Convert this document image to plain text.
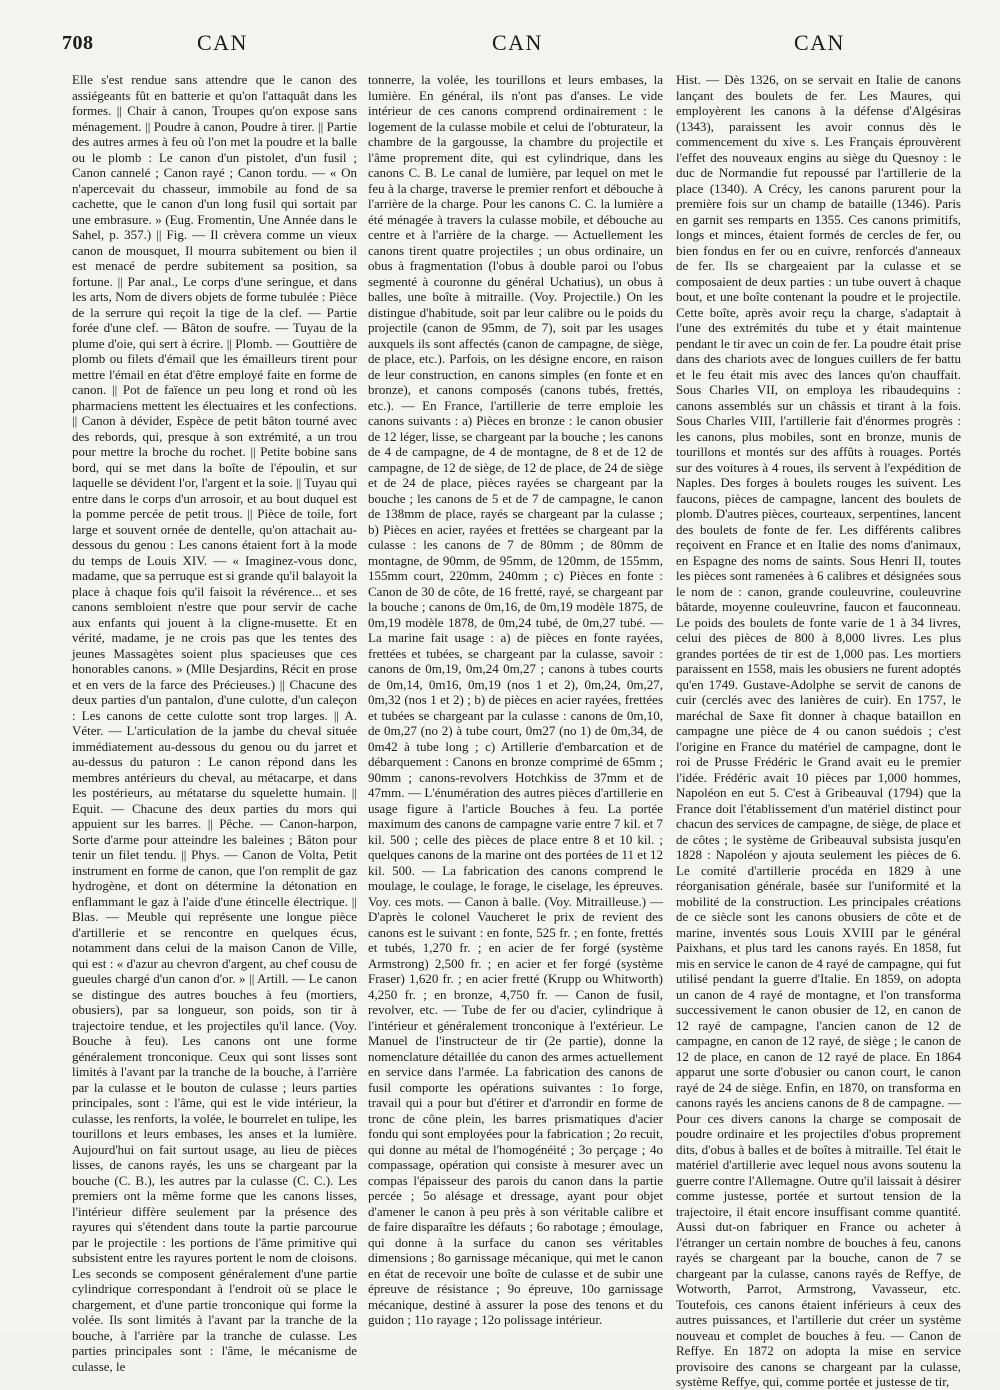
708	CAN	CAN	CAN

Elle s'est rendue sans attendre que le canon des assiégeants fût en batterie et qu'on l'attaquât dans les formes. || Chair à canon, Troupes qu'on expose sans ménagement. || Poudre à canon, Poudre à tirer. || Partie des autres armes à feu où l'on met la poudre et la balle ou le plomb : Le canon d'un pistolet, d'un fusil ; Canon cannelé ; Canon rayé ; Canon tordu. — « On n'apercevait du chasseur, immobile au fond de sa cachette, que le canon d'un long fusil qui sortait par une embrasure. » (Eug. Fromentin, Une Année dans le Sahel, p. 357.) || Fig. — Il crèvera comme un vieux canon de mousquet, Il mourra subitement ou bien il est menacé de perdre subitement sa position, sa fortune. || Par anal., Le corps d'une seringue, et dans les arts, Nom de divers objets de forme tubulée : Pièce de la serrure qui reçoit la tige de la clef. — Partie forée d'une clef. — Bâton de soufre. — Tuyau de la plume d'oie, qui sert à écrire. || Plomb. — Gouttière de plomb ou filets d'émail que les émailleurs tirent pour mettre l'émail en état d'être employé faite en forme de canon. || Pot de faïence un peu long et rond où les pharmaciens mettent les électuaires et les confections. || Canon à dévider, Espèce de petit bâton tourné avec des rebords, qui, presque à son extrémité, a un trou pour mettre la broche du rochet. || Petite bobine sans bord, qui se met dans la boîte de l'époulin, et sur laquelle se dévident l'or, l'argent et la soie. || Tuyau qui entre dans le corps d'un arrosoir, et au bout duquel est la pomme percée de petit trous. || Pièce de toile, fort large et souvent ornée de dentelle, qu'on attachait au-dessous du genou : Les canons étaient fort à la mode du temps de Louis XIV. — « Imaginez-vous donc, madame, que sa perruque est si grande qu'il balayoit la place à chaque fois qu'il faisoit la révérence... et ses canons sembloient n'estre que pour servir de cache aux enfants qui jouent à la cligne-musette. Et en vérité, madame, je ne crois pas que les tentes des jeunes Massagètes soient plus spacieuses que ces honorables canons. » (Mlle Desjardins, Récit en prose et en vers de la farce des Précieuses.) || Chacune des deux parties d'un pantalon, d'une culotte, d'un caleçon : Les canons de cette culotte sont trop larges. || A. Véter. — L'articulation de la jambe du cheval située immédiatement au-dessous du genou ou du jarret et au-dessus du paturon : Le canon répond dans les membres antérieurs du cheval, au métacarpe, et dans les postérieurs, au métatarse du squelette humain. || Equit. — Chacune des deux parties du mors qui appuient sur les barres. || Pêche. — Canon-harpon, Sorte d'arme pour atteindre les baleines ; Bâton pour tenir un filet tendu. || Phys. — Canon de Volta, Petit instrument en forme de canon, que l'on remplit de gaz hydrogène, et dont on détermine la détonation en enflammant le gaz à l'aide d'une étincelle électrique. || Blas. — Meuble qui représente une longue pièce d'artillerie et se rencontre en quelques écus, notamment dans celui de la maison Canon de Ville, qui est : « d'azur au chevron d'argent, au chef cousu de gueules chargé d'un canon d'or. » || Artill. — Le canon se distingue des autres bouches à feu (mortiers, obusiers), par sa longueur, son poids, son tir à trajectoire tendue, et les projectiles qu'il lance. (Voy. Bouche à feu). Les canons ont une forme généralement tronconique. Ceux qui sont lisses sont limités à l'avant par la tranche de la bouche, à l'arrière par la culasse et le bouton de culasse ; leurs parties principales, sont : l'âme, qui est le vide intérieur, la culasse, les renforts, la volée, le bourrelet en tulipe, les tourillons et leurs embases, les anses et la lumière. Aujourd'hui on fait surtout usage, au lieu de pièces lisses, de canons rayés, les uns se chargeant par la bouche (C. B.), les autres par la culasse (C. C.). Les premiers ont la même forme que les canons lisses, l'intérieur diffère seulement par la présence des rayures qui s'étendent dans toute la partie parcourue par le projectile : les portions de l'âme primitive qui subsistent entre les rayures portent le nom de cloisons. Les seconds se composent généralement d'une partie cylindrique correspondant à l'endroit où se place le chargement, et d'une partie tronconique qui forme la volée. Ils sont limités à l'avant par la tranche de la bouche, à l'arrière par la tranche de culasse. Les parties principales sont : l'âme, le mécanisme de culasse, le

tonnerre, la volée, les tourillons et leurs embases, la lumière. En général, ils n'ont pas d'anses. Le vide intérieur de ces canons comprend ordinairement : le logement de la culasse mobile et celui de l'obturateur, la chambre de la gargousse, la chambre du projectile et l'âme proprement dite, qui est cylindrique, dans les canons C. B. Le canal de lumière, par lequel on met le feu à la charge, traverse le premier renfort et débouche à l'arrière de la charge. Pour les canons C. C. la lumière a été ménagée à travers la culasse mobile, et débouche au centre et à l'arrière de la charge. — Actuellement les canons tirent quatre projectiles ; un obus ordinaire, un obus à fragmentation (l'obus à double paroi ou l'obus segmenté à couronne du général Uchatius), un obus à balles, une boîte à mitraille. (Voy. Projectile.) On les distingue d'habitude, soit par leur calibre ou le poids du projectile (canon de 95mm, de 7), soit par les usages auxquels ils sont affectés (canon de campagne, de siège, de place, etc.). Parfois, on les désigne encore, en raison de leur construction, en canons simples (en fonte et en bronze), et canons composés (canons tubés, frettés, etc.). — En France, l'artillerie de terre emploie les canons suivants : a) Pièces en bronze : le canon obusier de 12 léger, lisse, se chargeant par la bouche ; les canons de 4 de campagne, de 4 de montagne, de 8 et de 12 de campagne, de 12 de siège, de 12 de place, de 24 de siège et de 24 de place, pièces rayées se chargeant par la bouche ; les canons de 5 et de 7 de campagne, le canon de 138mm de place, rayés se chargeant par la culasse ; b) Pièces en acier, rayées et frettées se chargeant par la culasse : les canons de 7 de 80mm ; de 80mm de montagne, de 90mm, de 95mm, de 120mm, de 155mm, 155mm court, 220mm, 240mm ; c) Pièces en fonte : Canon de 30 de côte, de 16 fretté, rayé, se chargeant par la bouche ; canons de 0m,16, de 0m,19 modèle 1875, de 0m,19 modèle 1878, de 0m,24 tubé, de 0m,27 tubé. — La marine fait usage : a) de pièces en fonte rayées, frettées et tubées, se chargeant par la culasse, savoir : canons de 0m,19, 0m,24 0m,27 ; canons à tubes courts de 0m,14, 0m16, 0m,19 (nos 1 et 2), 0m,24, 0m,27, 0m,32 (nos 1 et 2) ; b) de pièces en acier rayées, frettées et tubées se chargeant par la culasse : canons de 0m,10, de 0m,27 (no 2) à tube court, 0m27 (no 1) de 0m,34, de 0m42 à tube long ; c) Artillerie d'embarcation et de débarquement : Canons en bronze comprimé de 65mm ; 90mm ; canons-revolvers Hotchkiss de 37mm et de 47mm. — L'énumération des autres pièces d'artillerie en usage figure à l'article Bouches à feu. La portée maximum des canons de campagne varie entre 7 kil. et 7 kil. 500 ; celle des pièces de place entre 8 et 10 kil. ; quelques canons de la marine ont des portées de 11 et 12 kil. 500. — La fabrication des canons comprend le moulage, le coulage, le forage, le ciselage, les épreuves. Voy. ces mots. — Canon à balle. (Voy. Mitrailleuse.) — D'après le colonel Vaucheret le prix de revient des canons est le suivant : en fonte, 525 fr. ; en fonte, frettés et tubés, 1,270 fr. ; en acier de fer forgé (système Armstrong) 2,500 fr. ; en acier et fer forgé (système Fraser) 1,620 fr. ; en acier fretté (Krupp ou Whitworth) 4,250 fr. ; en bronze, 4,750 fr. — Canon de fusil, revolver, etc. — Tube de fer ou d'acier, cylindrique à l'intérieur et généralement tronconique à l'extérieur. Le Manuel de l'instructeur de tir (2e partie), donne la nomenclature détaillée du canon des armes actuellement en service dans l'armée. La fabrication des canons de fusil comporte les opérations suivantes : 1o forge, travail qui a pour but d'étirer et d'arrondir en forme de tronc de cône plein, les barres prismatiques d'acier fondu qui sont employées pour la fabrication ; 2o recuit, qui donne au métal de l'homogénéité ; 3o perçage ; 4o compassage, opération qui consiste à mesurer avec un compas l'épaisseur des parois du canon dans la partie percée ; 5o alésage et dressage, ayant pour objet d'amener le canon à peu près à son véritable calibre et de faire disparaître les défauts ; 6o rabotage ; émoulage, qui donne à la surface du canon ses véritables dimensions ; 8o garnissage mécanique, qui met le canon en état de recevoir une boîte de culasse et de subir une épreuve de résistance ; 9o épreuve, 10o garnissage mécanique, destiné à assurer la pose des tenons et du guidon ; 11o rayage ; 12o polissage intérieur.

Hist. — Dès 1326, on se servait en Italie de canons lançant des boulets de fer. Les Maures, qui employèrent les canons à la défense d'Algésiras (1343), paraissent les avoir connus dès le commencement du xive s. Les Français éprouvèrent l'effet des nouveaux engins au siège du Quesnoy : le duc de Normandie fut repoussé par l'artillerie de la place (1340). A Crécy, les canons parurent pour la première fois sur un champ de bataille (1346). Paris en garnit ses remparts en 1355. Ces canons primitifs, longs et minces, étaient formés de cercles de fer, ou bien fondus en fer ou en cuivre, renforcés d'anneaux de fer. Ils se chargeaient par la culasse et se composaient de deux parties : un tube ouvert à chaque bout, et une boîte contenant la poudre et le projectile. Cette boîte, après avoir reçu la charge, s'adaptait à l'une des extrémités du tube et y était maintenue pendant le tir avec un coin de fer. La poudre était prise dans des chariots avec de longues cuillers de fer battu et le feu était mis avec des lances qu'on chauffait. Sous Charles VII, on employa les ribaudequins : canons assemblés sur un châssis et tirant à la fois. Sous Charles VIII, l'artillerie fait d'énormes progrès : les canons, plus mobiles, sont en bronze, munis de tourillons et montés sur des affûts à rouages. Portés sur des voitures à 4 roues, ils servent à l'expédition de Naples. Des forges à boulets rouges les suivent. Les faucons, pièces de campagne, lancent des boulets de plomb. D'autres pièces, courteaux, serpentines, lancent des boulets de fonte de fer. Les différents calibres reçoivent en France et en Italie des noms d'animaux, en Espagne des noms de saints. Sous Henri II, toutes les pièces sont ramenées à 6 calibres et désignées sous le nom de : canon, grande couleuvrine, couleuvrine bâtarde, moyenne couleuvrine, faucon et fauconneau. Le poids des boulets de fonte varie de 1 à 34 livres, celui des pièces de 800 à 8,000 livres. Les plus grandes portées de tir est de 1,000 pas. Les mortiers paraissent en 1558, mais les obusiers ne furent adoptés qu'en 1749. Gustave-Adolphe se servit de canons de cuir (cerclés avec des lanières de cuir). En 1757, le maréchal de Saxe fit donner à chaque bataillon en campagne une pièce de 4 ou canon suédois ; c'est l'origine en France du matériel de campagne, dont le roi de Prusse Frédéric le Grand avait eu le premier l'idée. Frédéric avait 10 pièces par 1,000 hommes, Napoléon en eut 5. C'est à Gribeauval (1794) que la France doit l'établissement d'un matériel distinct pour chacun des services de campagne, de siège, de place et de côtes ; le système de Gribeauval subsista jusqu'en 1828 : Napoléon y ajouta seulement les pièces de 6. Le comité d'artillerie procéda en 1829 à une réorganisation générale, basée sur l'uniformité et la mobilité de la construction. Les principales créations de ce siècle sont les canons obusiers de côte et de marine, inventés sous Louis XVIII par le général Paixhans, et plus tard les canons rayés. En 1858, fut mis en service le canon de 4 rayé de campagne, qui fut utilisé pendant la guerre d'Italie. En 1859, on adopta un canon de 4 rayé de montagne, et l'on transforma successivement le canon obusier de 12, en canon de 12 rayé de campagne, l'ancien canon de 12 de campagne, en canon de 12 rayé, de siège ; le canon de 12 de place, en canon de 12 rayé de place. En 1864 apparut une sorte d'obusier ou canon court, le canon rayé de 24 de siège. Enfin, en 1870, on transforma en canons rayés les anciens canons de 8 de campagne. — Pour ces divers canons la charge se composait de poudre ordinaire et les projectiles d'obus proprement dits, d'obus à balles et de boîtes à mitraille. Tel était le matériel d'artillerie avec lequel nous avons soutenu la guerre contre l'Allemagne. Outre qu'il laissait à désirer comme justesse, portée et surtout tension de la trajectoire, il était encore insuffisant comme quantité. Aussi dut-on fabriquer en France ou acheter à l'étranger un certain nombre de bouches à feu, canons rayés se chargeant par la bouche, canon de 7 se chargeant par la culasse, canons rayés de Reffye, de Wotworth, Parrot, Armstrong, Vavasseur, etc. Toutefois, ces canons étaient inférieurs à ceux des autres puissances, et l'artillerie dut créer un système nouveau et complet de bouches à feu. — Canon de Reffye. En 1872 on adopta la mise en service provisoire des canons se chargeant par la culasse, système Reffye, qui, comme portée et justesse de tir,
